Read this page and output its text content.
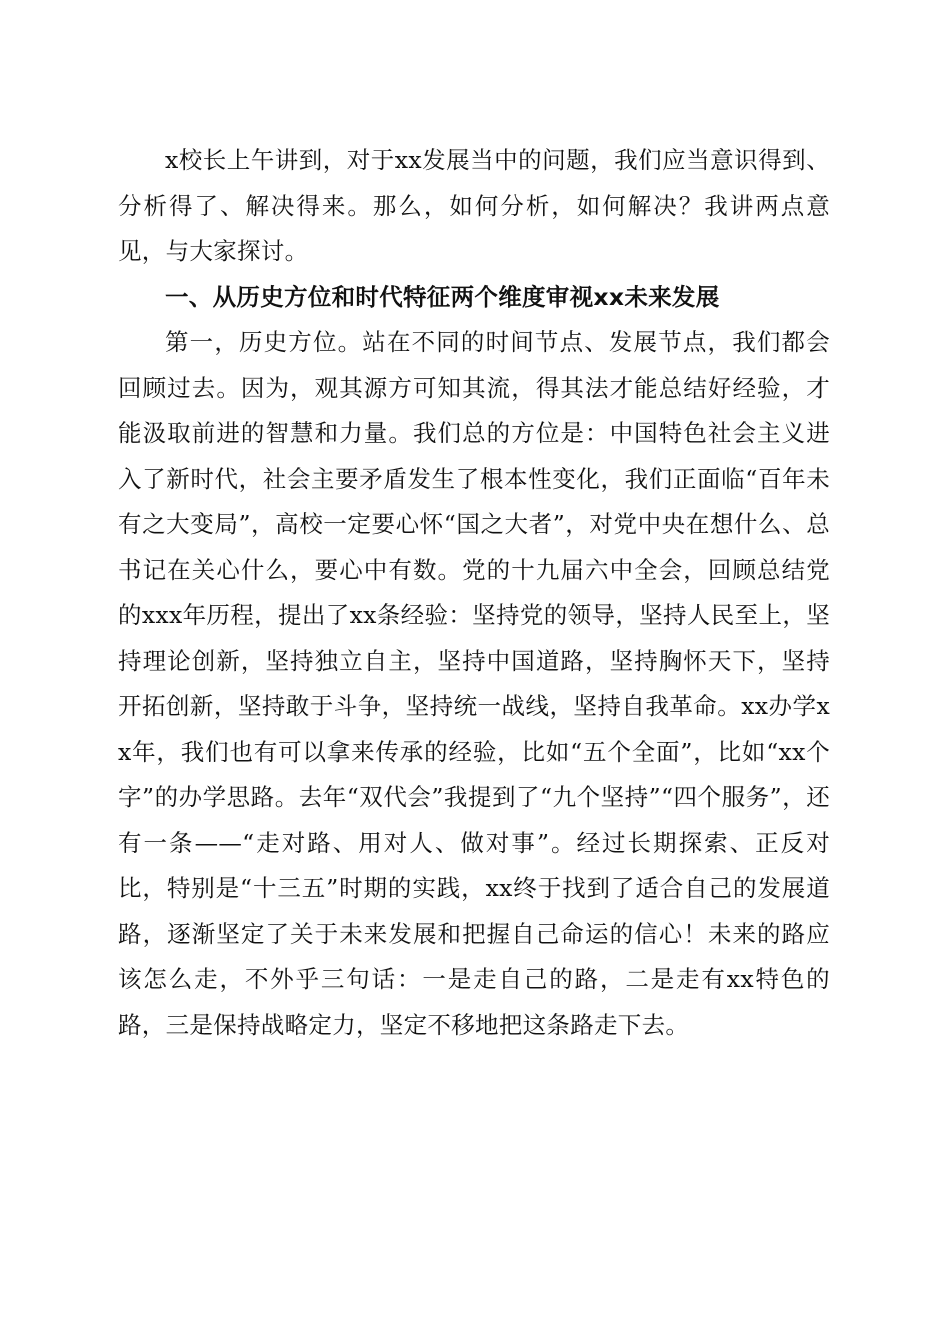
x校长上午讲到，对于xx发展当中的问题，我们应当意识得到、分析得了、解决得来。那么，如何分析，如何解决？我讲两点意见，与大家探讨。

一、从历史方位和时代特征两个维度审视xx未来发展

第一，历史方位。站在不同的时间节点、发展节点，我们都会回顾过去。因为，观其源方可知其流，得其法才能总结好经验，才能汲取前进的智慧和力量。我们总的方位是：中国特色社会主义进入了新时代，社会主要矛盾发生了根本性变化，我们正面临“百年未有之大变局”，高校一定要心怀“国之大者”，对党中央在想什么、总书记在关心什么，要心中有数。党的十九届六中全会，回顾总结党的xxx年历程，提出了xx条经验：坚持党的领导，坚持人民至上，坚持理论创新，坚持独立自主，坚持中国道路，坚持胸怀天下，坚持开拓创新，坚持敢于斗争，坚持统一战线，坚持自我革命。xx办学xx年，我们也有可以拿来传承的经验，比如“五个全面”，比如“xx个字”的办学思路。去年“双代会”我提到了“九个坚持”“四个服务”，还有一条——“走对路、用对人、做对事”。经过长期探索、正反对比，特别是“十三五”时期的实践，xx终于找到了适合自己的发展道路，逐渐坚定了关于未来发展和把握自己命运的信心！未来的路应该怎么走，不外乎三句话：一是走自己的路，二是走有xx特色的路，三是保持战略定力，坚定不移地把这条路走下去。
